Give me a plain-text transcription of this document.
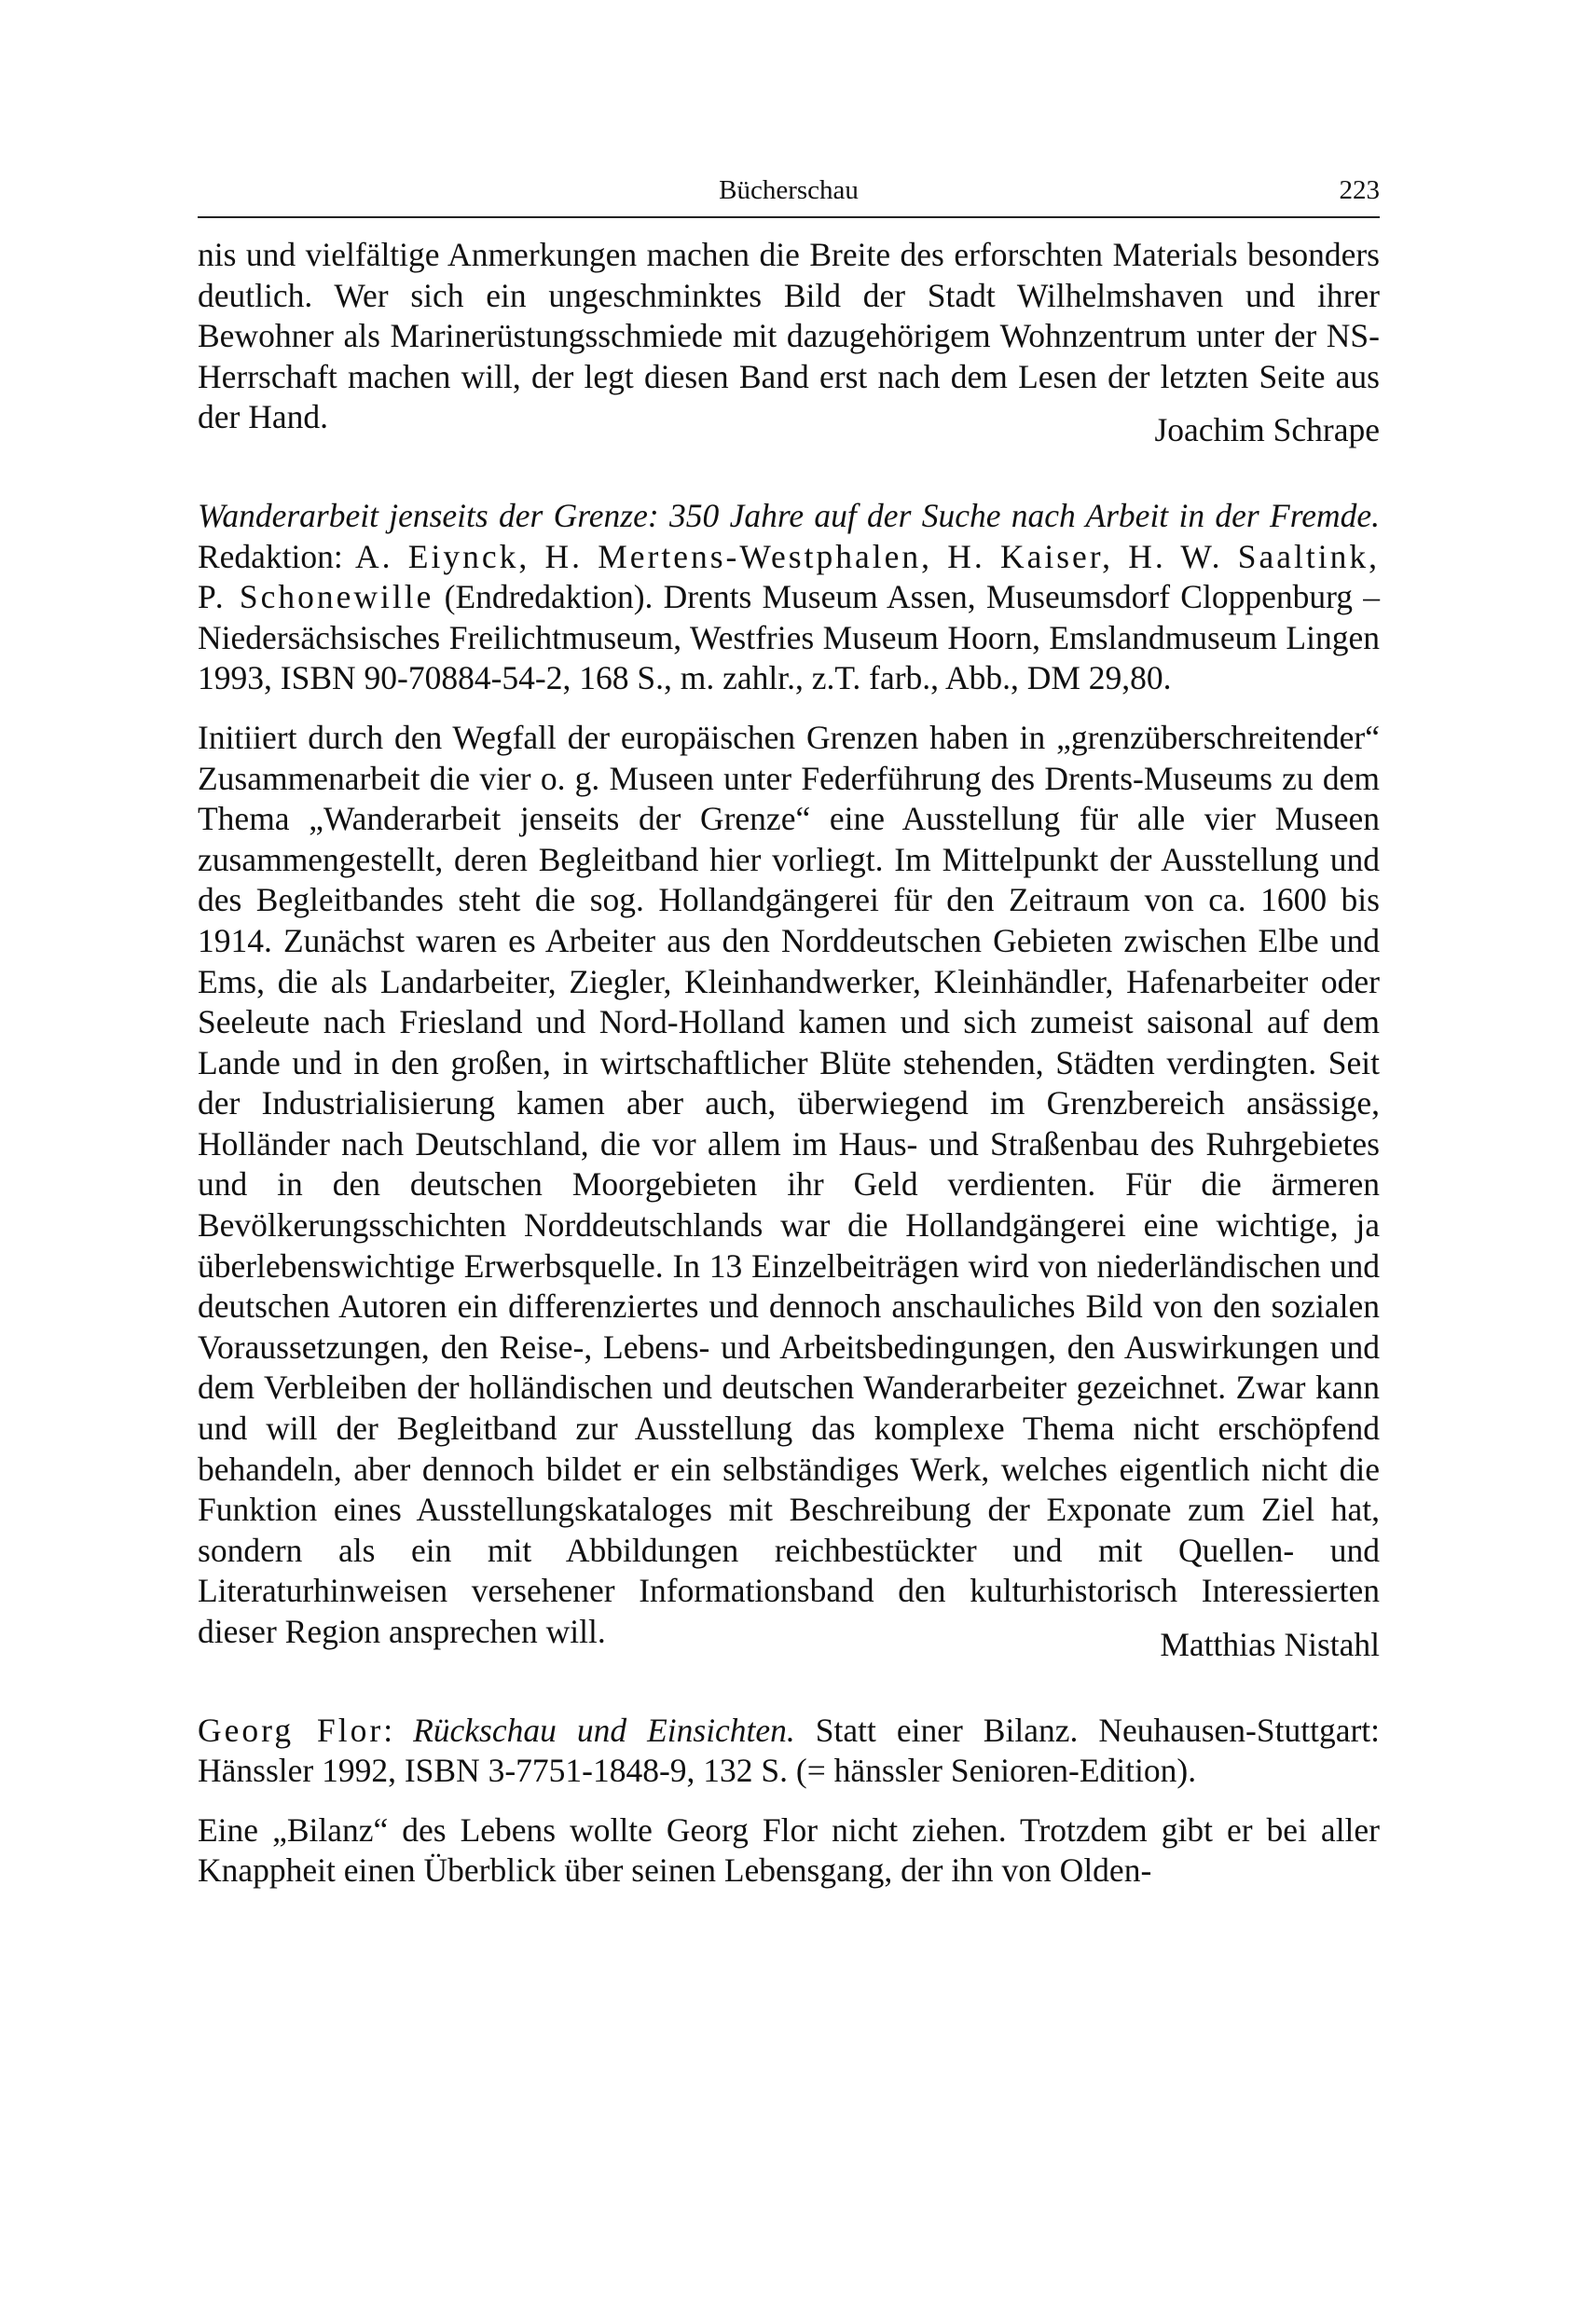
Bücherschau	223

nis und vielfältige Anmerkungen machen die Breite des erforschten Materials besonders deutlich. Wer sich ein ungeschminktes Bild der Stadt Wilhelmshaven und ihrer Bewohner als Marinerüstungsschmiede mit dazugehörigem Wohnzentrum unter der NS-Herrschaft machen will, der legt diesen Band erst nach dem Lesen der letzten Seite aus der Hand.	Joachim Schrape

Wanderarbeit jenseits der Grenze: 350 Jahre auf der Suche nach Arbeit in der Fremde. Redaktion: A. Eiynck, H. Mertens-Westphalen, H. Kaiser, H. W. Saaltink, P. Schonewille (Endredaktion). Drents Museum Assen, Museumsdorf Cloppenburg – Niedersächsisches Freilichtmuseum, Westfries Museum Hoorn, Emslandmuseum Lingen 1993, ISBN 90-70884-54-2, 168 S., m. zahlr., z.T. farb., Abb., DM 29,80.

Initiiert durch den Wegfall der europäischen Grenzen haben in „grenzüberschreitender“ Zusammenarbeit die vier o. g. Museen unter Federführung des Drents-Museums zu dem Thema „Wanderarbeit jenseits der Grenze“ eine Ausstellung für alle vier Museen zusammengestellt, deren Begleitband hier vorliegt. Im Mittelpunkt der Ausstellung und des Begleitbandes steht die sog. Hollandgängerei für den Zeitraum von ca. 1600 bis 1914. Zunächst waren es Arbeiter aus den Norddeutschen Gebieten zwischen Elbe und Ems, die als Landarbeiter, Ziegler, Kleinhandwerker, Kleinhändler, Hafenarbeiter oder Seeleute nach Friesland und Nord-Holland kamen und sich zumeist saisonal auf dem Lande und in den großen, in wirtschaftlicher Blüte stehenden, Städten verdingten. Seit der Industrialisierung kamen aber auch, überwiegend im Grenzbereich ansässige, Holländer nach Deutschland, die vor allem im Haus- und Straßenbau des Ruhrgebietes und in den deutschen Moorgebieten ihr Geld verdienten. Für die ärmeren Bevölkerungsschichten Norddeutschlands war die Hollandgängerei eine wichtige, ja überlebenswichtige Erwerbsquelle. In 13 Einzelbeiträgen wird von niederländischen und deutschen Autoren ein differenziertes und dennoch anschauliches Bild von den sozialen Voraussetzungen, den Reise-, Lebens- und Arbeitsbedingungen, den Auswirkungen und dem Verbleiben der holländischen und deutschen Wanderarbeiter gezeichnet. Zwar kann und will der Begleitband zur Ausstellung das komplexe Thema nicht erschöpfend behandeln, aber dennoch bildet er ein selbständiges Werk, welches eigentlich nicht die Funktion eines Ausstellungskataloges mit Beschreibung der Exponate zum Ziel hat, sondern als ein mit Abbildungen reichbestückter und mit Quellen- und Literaturhinweisen versehener Informationsband den kulturhistorisch Interessierten dieser Region ansprechen will.	Matthias Nistahl

Georg Flor: Rückschau und Einsichten. Statt einer Bilanz. Neuhausen-Stuttgart: Hänssler 1992, ISBN 3-7751-1848-9, 132 S. (= hänssler Senioren-Edition).

Eine „Bilanz“ des Lebens wollte Georg Flor nicht ziehen. Trotzdem gibt er bei aller Knappheit einen Überblick über seinen Lebensgang, der ihn von Olden-
